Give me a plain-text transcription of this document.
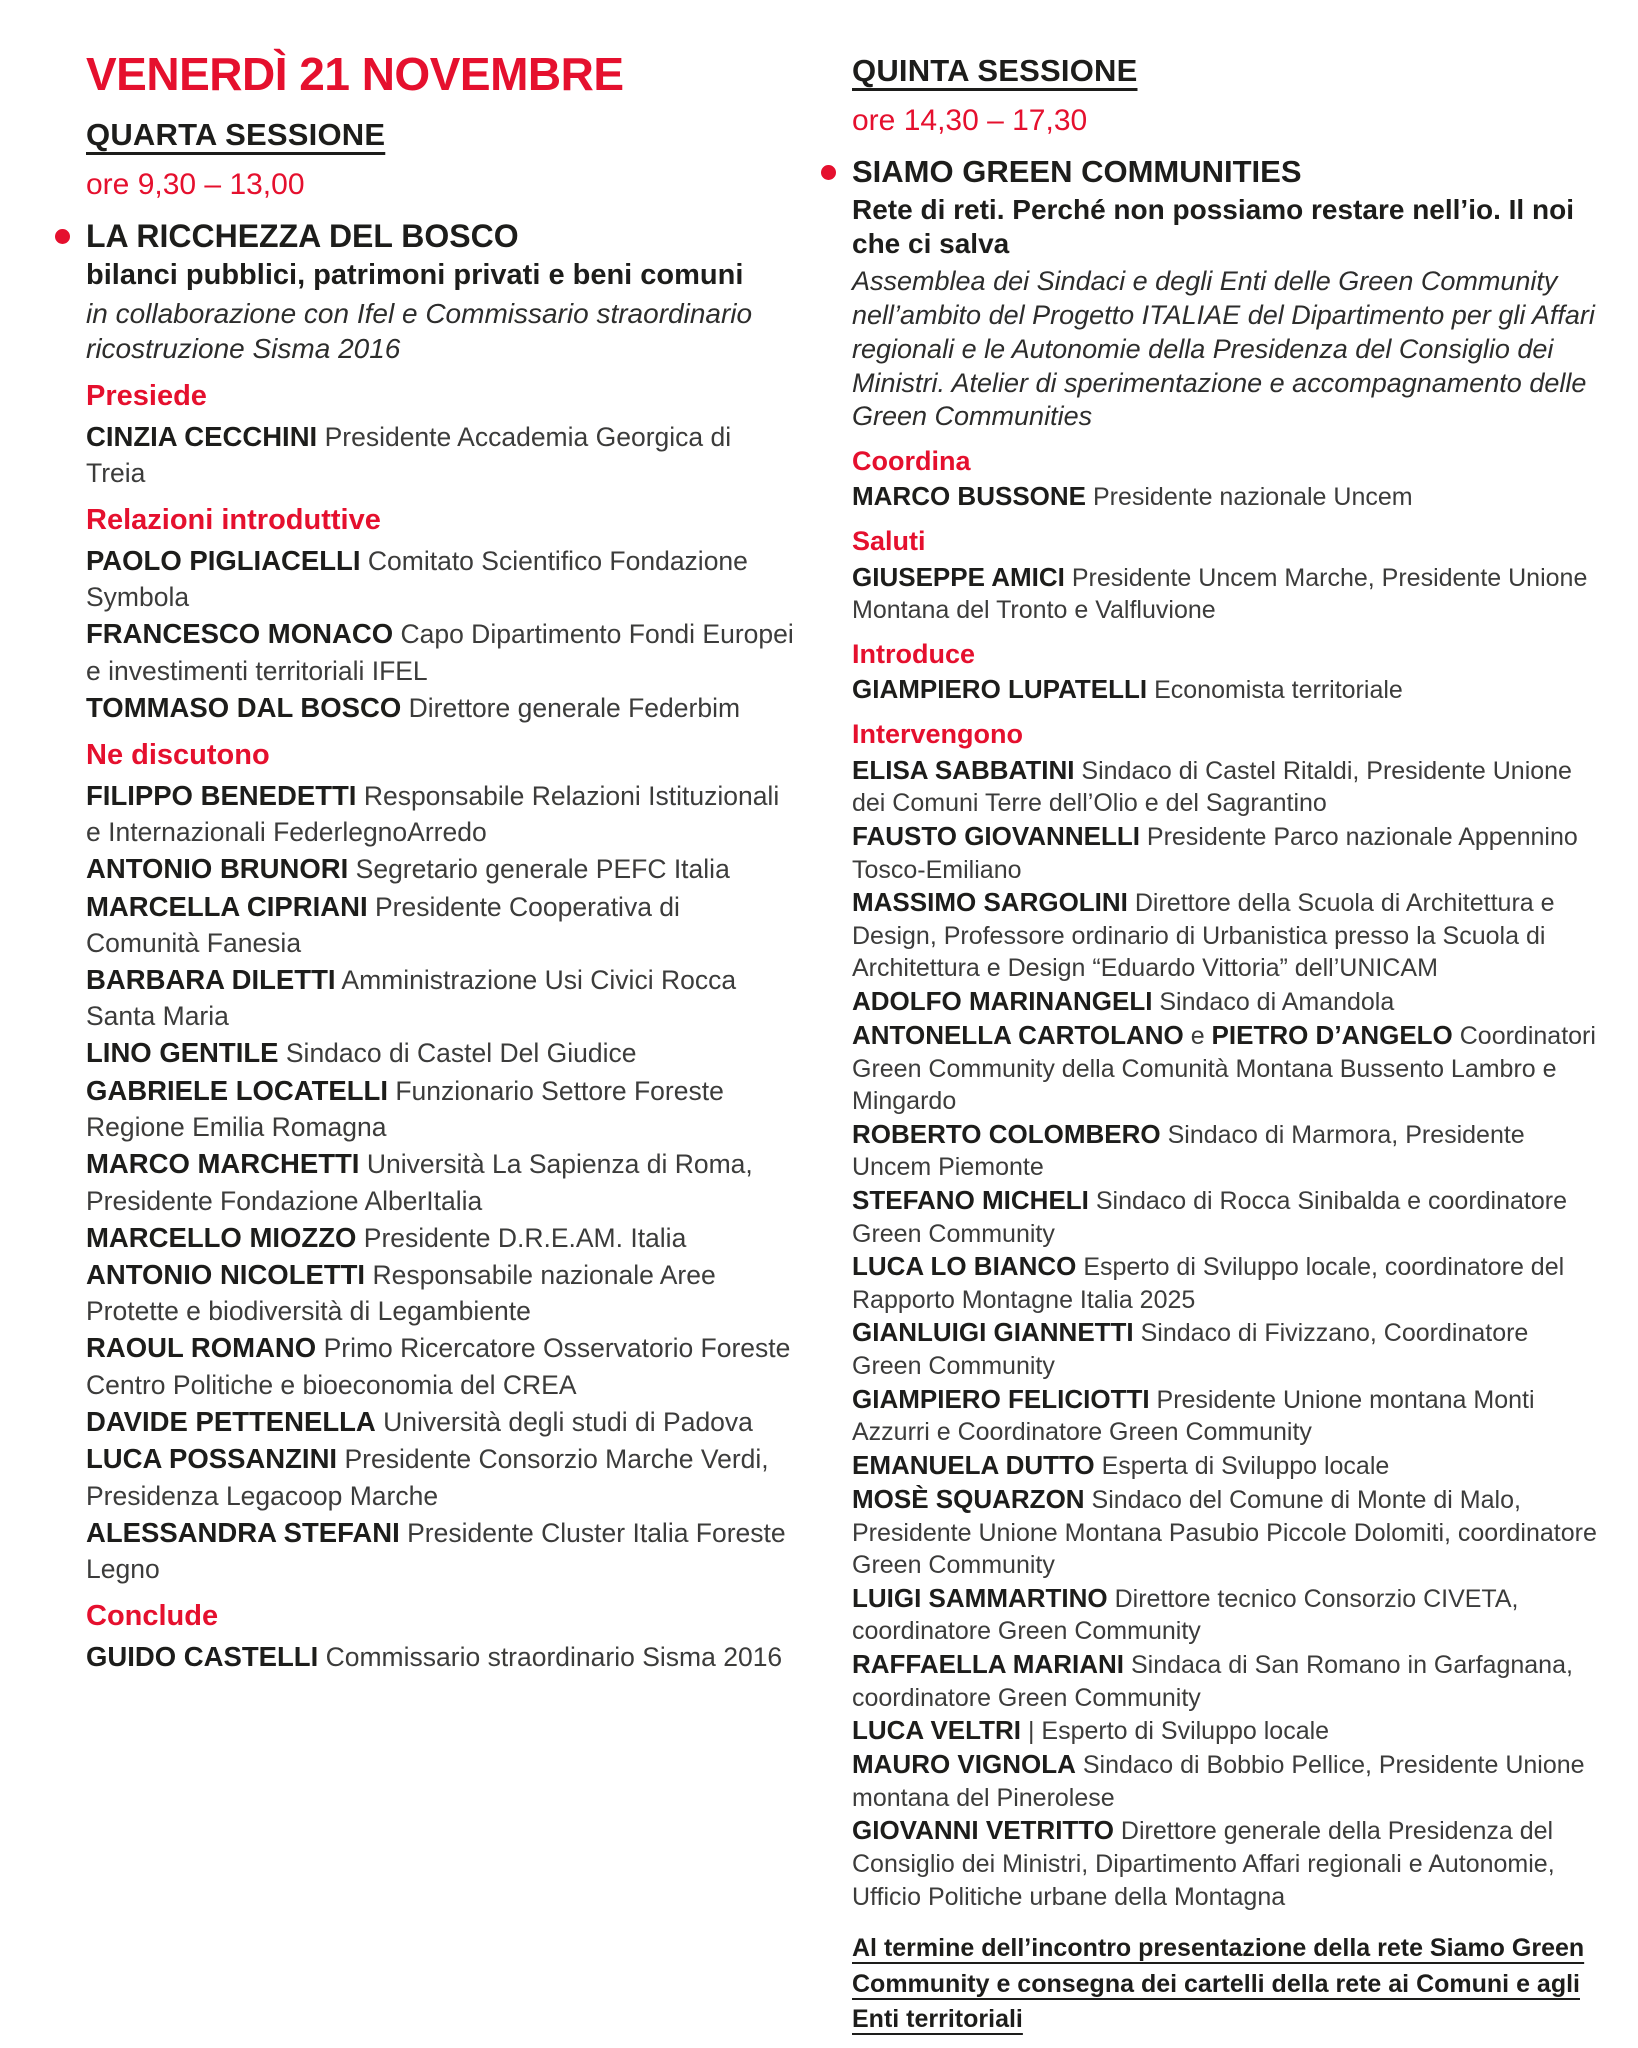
VENERDÌ 21 NOVEMBRE
QUARTA SESSIONE
ore 9,30 – 13,00
LA RICCHEZZA DEL BOSCO
bilanci pubblici, patrimoni privati e beni comuni
in collaborazione con Ifel e Commissario straordinario ricostruzione Sisma 2016
Presiede

CINZIA CECCHINI Presidente Accademia Georgica di Treia

Relazioni introduttive

PAOLO PIGLIACELLI Comitato Scientifico Fondazione Symbola

FRANCESCO MONACO Capo Dipartimento Fondi Europei e investimenti territoriali IFEL

TOMMASO DAL BOSCO Direttore generale Federbim

Ne discutono

FILIPPO BENEDETTI Responsabile Relazioni Istituzionali e Internazionali FederlegnoArredo

ANTONIO BRUNORI Segretario generale PEFC Italia

MARCELLA CIPRIANI Presidente Cooperativa di Comunità Fanesia

BARBARA DILETTI Amministrazione Usi Civici Rocca Santa Maria

LINO GENTILE Sindaco di Castel Del Giudice

GABRIELE LOCATELLI Funzionario Settore Foreste Regione Emilia Romagna

MARCO MARCHETTI Università La Sapienza di Roma, Presidente Fondazione AlberItalia

MARCELLO MIOZZO Presidente D.R.E.AM. Italia

ANTONIO NICOLETTI Responsabile nazionale Aree Protette e biodiversità di Legambiente

RAOUL ROMANO Primo Ricercatore Osservatorio Foreste Centro Politiche e bioeconomia del CREA

DAVIDE PETTENELLA Università degli studi di Padova

LUCA POSSANZINI Presidente Consorzio Marche Verdi, Presidenza Legacoop Marche

ALESSANDRA STEFANI Presidente Cluster Italia Foreste Legno

Conclude

GUIDO CASTELLI Commissario straordinario Sisma 2016

QUINTA SESSIONE
ore 14,30 – 17,30
SIAMO GREEN COMMUNITIES
Rete di reti. Perché non possiamo restare nell’io. Il noi che ci salva
Assemblea dei Sindaci e degli Enti delle Green Community nell’ambito del Progetto ITALIAE del Dipartimento per gli Affari regionali e le Autonomie della Presidenza del Consiglio dei Ministri. Atelier di sperimentazione e accompagnamento delle Green Communities
Coordina

MARCO BUSSONE Presidente nazionale Uncem

Saluti

GIUSEPPE AMICI Presidente Uncem Marche, Presidente Unione Montana del Tronto e Valfluvione

Introduce

GIAMPIERO LUPATELLI Economista territoriale

Intervengono

ELISA SABBATINI Sindaco di Castel Ritaldi, Presidente Unione dei Comuni Terre dell’Olio e del Sagrantino

FAUSTO GIOVANNELLI Presidente Parco nazionale Appennino Tosco-Emiliano

MASSIMO SARGOLINI Direttore della Scuola di Architettura e Design, Professore ordinario di Urbanistica presso la Scuola di Architettura e Design “Eduardo Vittoria” dell’UNICAM

ADOLFO MARINANGELI Sindaco di Amandola

ANTONELLA CARTOLANO e PIETRO D’ANGELO Coordinatori Green Community della Comunità Montana Bussento Lambro e Mingardo

ROBERTO COLOMBERO Sindaco di Marmora, Presidente Uncem Piemonte

STEFANO MICHELI Sindaco di Rocca Sinibalda e coordinatore Green Community

LUCA LO BIANCO Esperto di Sviluppo locale, coordinatore del Rapporto Montagne Italia 2025

GIANLUIGI GIANNETTI Sindaco di Fivizzano, Coordinatore Green Community

GIAMPIERO FELICIOTTI Presidente Unione montana Monti Azzurri e Coordinatore Green Community

EMANUELA DUTTO Esperta di Sviluppo locale

MOSÈ SQUARZON Sindaco del Comune di Monte di Malo, Presidente Unione Montana Pasubio Piccole Dolomiti, coordinatore Green Community

LUIGI SAMMARTINO Direttore tecnico Consorzio CIVETA, coordinatore Green Community

RAFFAELLA MARIANI Sindaca di San Romano in Garfagnana, coordinatore Green Community

LUCA VELTRI | Esperto di Sviluppo locale

MAURO VIGNOLA Sindaco di Bobbio Pellice, Presidente Unione montana del Pinerolese

GIOVANNI VETRITTO Direttore generale della Presidenza del Consiglio dei Ministri, Dipartimento Affari regionali e Autonomie, Ufficio Politiche urbane della Montagna

Al termine dell’incontro presentazione della rete Siamo Green Community e consegna dei cartelli della rete ai Comuni e agli Enti territoriali
